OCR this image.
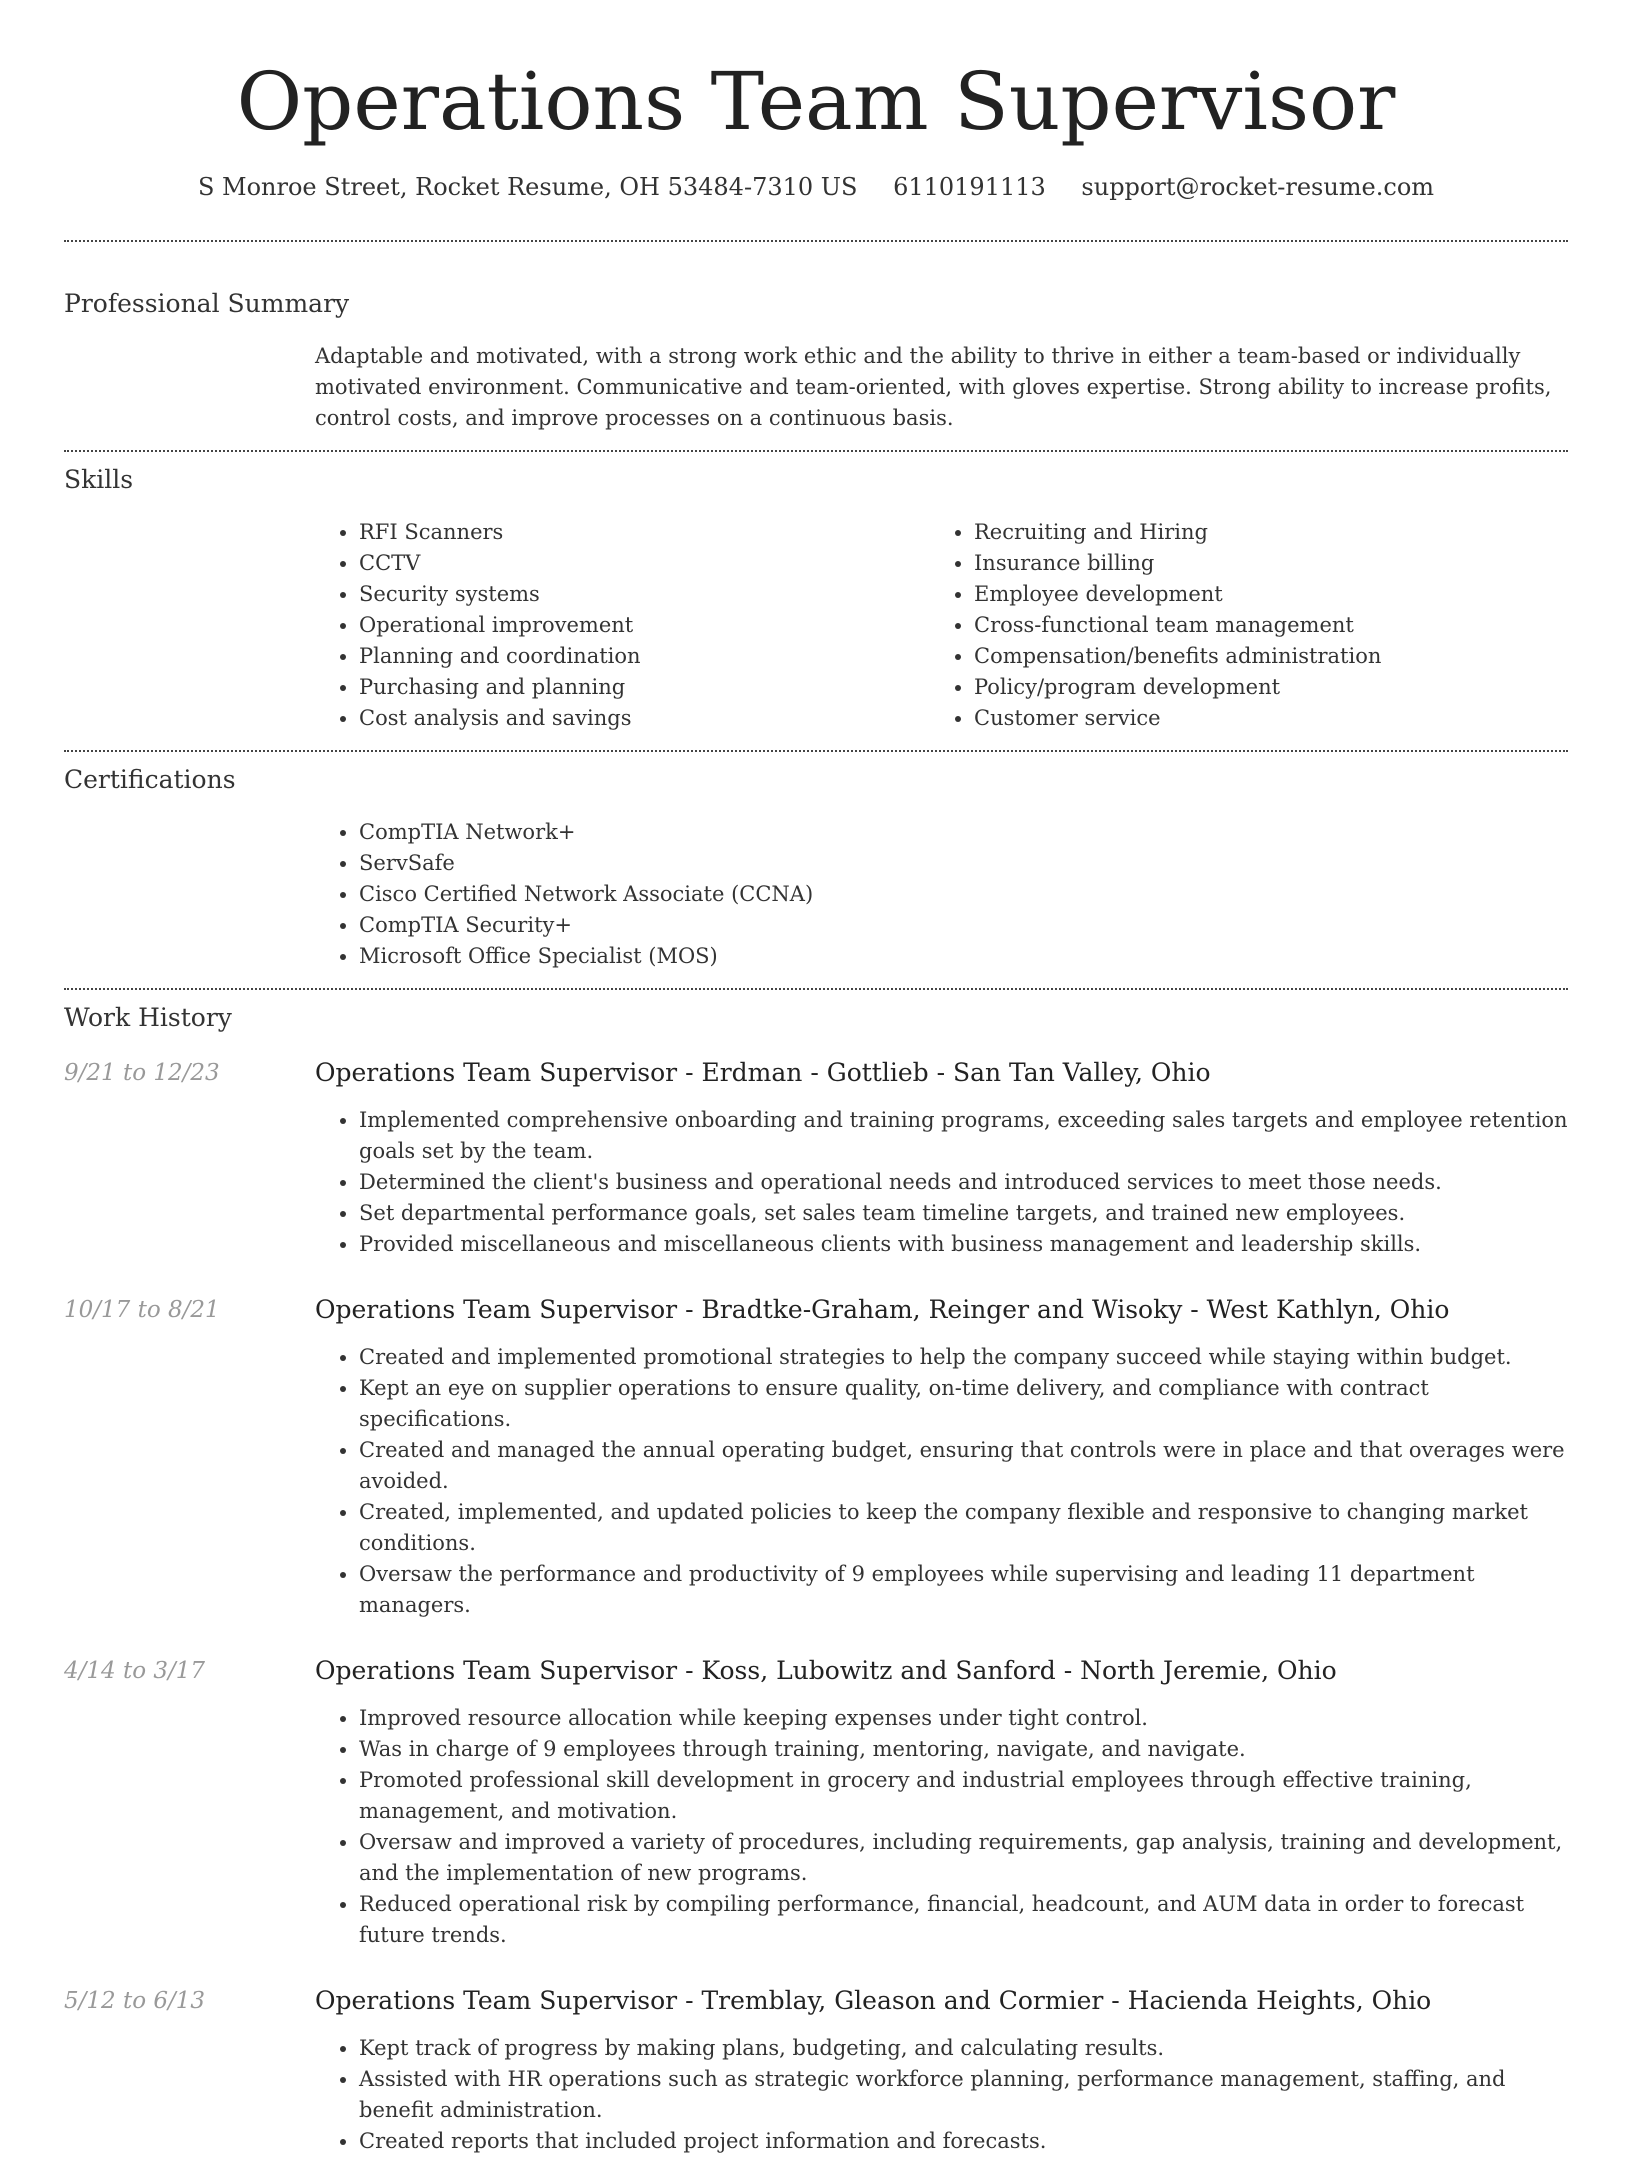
Operations Team Supervisor
S Monroe Street, Rocket Resume, OH 53484-7310 US 6110191113 support@rocket-resume.com
Professional Summary

Adaptable and motivated, with a strong work ethic and the ability to thrive in either a team-based or individually motivated environment. Communicative and team-oriented, with gloves expertise. Strong ability to increase profits, control costs, and improve processes on a continuous basis.

Skills
• RFI Scanners
• CCTV
• Security systems
• Operational improvement
• Planning and coordination
• Purchasing and planning
• Cost analysis and savings
• Recruiting and Hiring
• Insurance billing
• Employee development
• Cross-functional team management
• Compensation/benefits administration
• Policy/program development
• Customer service
Certifications
• CompTIA Network+
• ServSafe
• Cisco Certified Network Associate (CCNA)
• CompTIA Security+
• Microsoft Office Specialist (MOS)
Work History
9/21 to 12/23	Operations Team Supervisor - Erdman - Gottlieb - San Tan Valley, Ohio
• Implemented comprehensive onboarding and training programs, exceeding sales targets and employee retention goals set by the team.
• Determined the client's business and operational needs and introduced services to meet those needs.
• Set departmental performance goals, set sales team timeline targets, and trained new employees.
• Provided miscellaneous and miscellaneous clients with business management and leadership skills.
10/17 to 8/21	Operations Team Supervisor - Bradtke-Graham, Reinger and Wisoky - West Kathlyn, Ohio
• Created and implemented promotional strategies to help the company succeed while staying within budget.
• Kept an eye on supplier operations to ensure quality, on-time delivery, and compliance with contract specifications.
• Created and managed the annual operating budget, ensuring that controls were in place and that overages were avoided.
• Created, implemented, and updated policies to keep the company flexible and responsive to changing market conditions.
• Oversaw the performance and productivity of 9 employees while supervising and leading 11 department managers.
4/14 to 3/17	Operations Team Supervisor - Koss, Lubowitz and Sanford - North Jeremie, Ohio
• Improved resource allocation while keeping expenses under tight control.
• Was in charge of 9 employees through training, mentoring, navigate, and navigate.
• Promoted professional skill development in grocery and industrial employees through effective training, management, and motivation.
• Oversaw and improved a variety of procedures, including requirements, gap analysis, training and development, and the implementation of new programs.
• Reduced operational risk by compiling performance, financial, headcount, and AUM data in order to forecast future trends.
5/12 to 6/13	Operations Team Supervisor - Tremblay, Gleason and Cormier - Hacienda Heights, Ohio
• Kept track of progress by making plans, budgeting, and calculating results.
• Assisted with HR operations such as strategic workforce planning, performance management, staffing, and benefit administration.
• Created reports that included project information and forecasts.
